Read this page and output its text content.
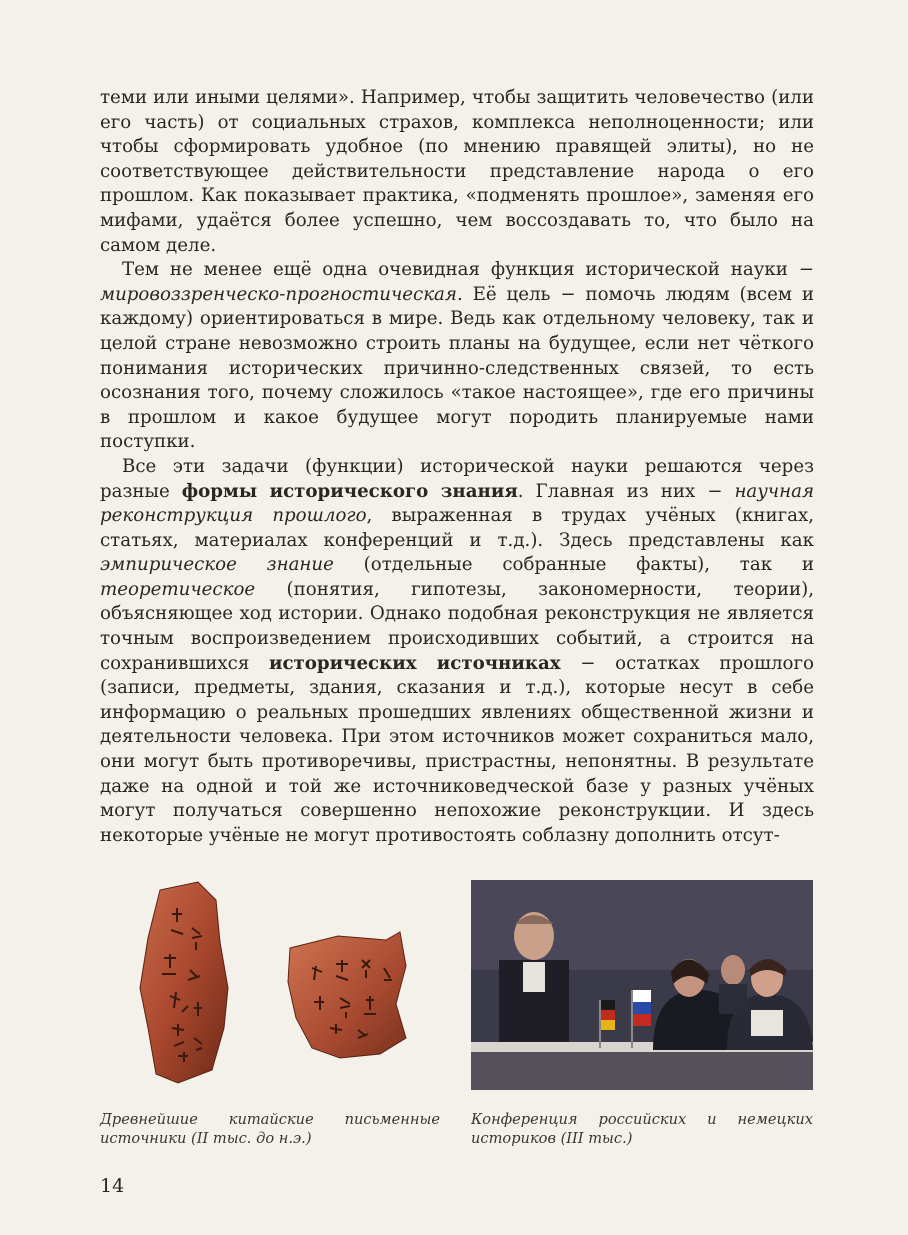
теми или иными целями». Например, чтобы защитить человечество (или его часть) от социальных страхов, комплекса неполноценности; или чтобы сформировать удобное (по мнению правящей элиты), но не соответствующее действительности представление народа о его прошлом. Как показывает практика, «подменять прошлое», заменяя его мифами, удаётся более успешно, чем воссоздавать то, что было на самом деле.

Тем не менее ещё одна очевидная функция исторической науки − мировоззренческо-прогностическая. Её цель − помочь людям (всем и каждому) ориентироваться в мире. Ведь как отдельному человеку, так и целой стране невозможно строить планы на будущее, если нет чёткого понимания исторических причинно-следственных связей, то есть осознания того, почему сложилось «такое настоящее», где его причины в прошлом и какое будущее могут породить планируемые нами поступки.

Все эти задачи (функции) исторической науки решаются через разные формы исторического знания. Главная из них − научная реконструкция прошлого, выраженная в трудах учёных (книгах, статьях, материалах конференций и т.д.). Здесь представлены как эмпирическое знание (отдельные собранные факты), так и теоретическое (понятия, гипотезы, закономерности, теории), объясняющее ход истории. Однако подобная реконструкция не является точным воспроизведением происходивших событий, а строится на сохранившихся исторических источниках − остатках прошлого (записи, предметы, здания, сказания и т.д.), которые несут в себе информацию о реальных прошедших явлениях общественной жизни и деятельности человека. При этом источников может сохраниться мало, они могут быть противоречивы, пристрастны, непонятны. В результате даже на одной и той же источниковедческой базе у разных учёных могут получаться совершенно непохожие реконструкции. И здесь некоторые учёные не могут противостоять соблазну дополнить отсут-

Древнейшие китайские письменные источники (II тыс. до н.э.)
Конференция российских и немецких историков (III тыс.)
14
